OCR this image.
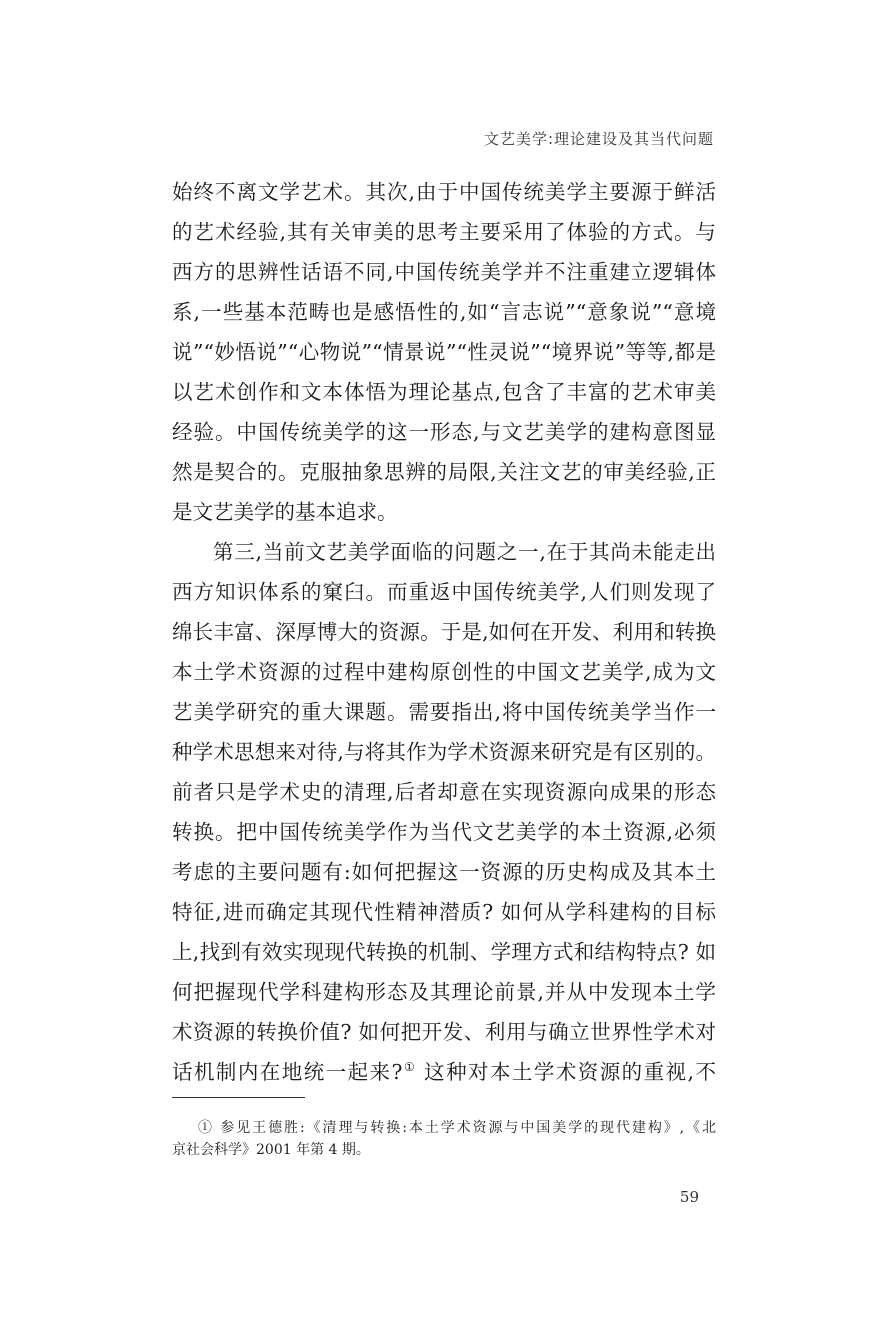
文艺美学:理论建设及其当代问题
始终不离文学艺术。其次,由于中国传统美学主要源于鲜活
的艺术经验,其有关审美的思考主要采用了体验的方式。与
西方的思辨性话语不同,中国传统美学并不注重建立逻辑体
系,一些基本范畴也是感悟性的,如“言志说”“意象说”“意境
说”“妙悟说”“心物说”“情景说”“性灵说”“境界说”等等,都是
以艺术创作和文本体悟为理论基点,包含了丰富的艺术审美
经验。中国传统美学的这一形态,与文艺美学的建构意图显
然是契合的。克服抽象思辨的局限,关注文艺的审美经验,正
是文艺美学的基本追求。
第三,当前文艺美学面临的问题之一,在于其尚未能走出
西方知识体系的窠臼。而重返中国传统美学,人们则发现了
绵长丰富、深厚博大的资源。于是,如何在开发、利用和转换
本土学术资源的过程中建构原创性的中国文艺美学,成为文
艺美学研究的重大课题。需要指出,将中国传统美学当作一
种学术思想来对待,与将其作为学术资源来研究是有区别的。
前者只是学术史的清理,后者却意在实现资源向成果的形态
转换。把中国传统美学作为当代文艺美学的本土资源,必须
考虑的主要问题有:如何把握这一资源的历史构成及其本土
特征,进而确定其现代性精神潜质? 如何从学科建构的目标
上,找到有效实现现代转换的机制、学理方式和结构特点? 如
何把握现代学科建构形态及其理论前景,并从中发现本土学
术资源的转换价值? 如何把开发、利用与确立世界性学术对
话机制内在地统一起来?① 这种对本土学术资源的重视,不
① 参见王德胜:《清理与转换:本土学术资源与中国美学的现代建构》,《北
京社会科学》2001 年第 4 期。
59
